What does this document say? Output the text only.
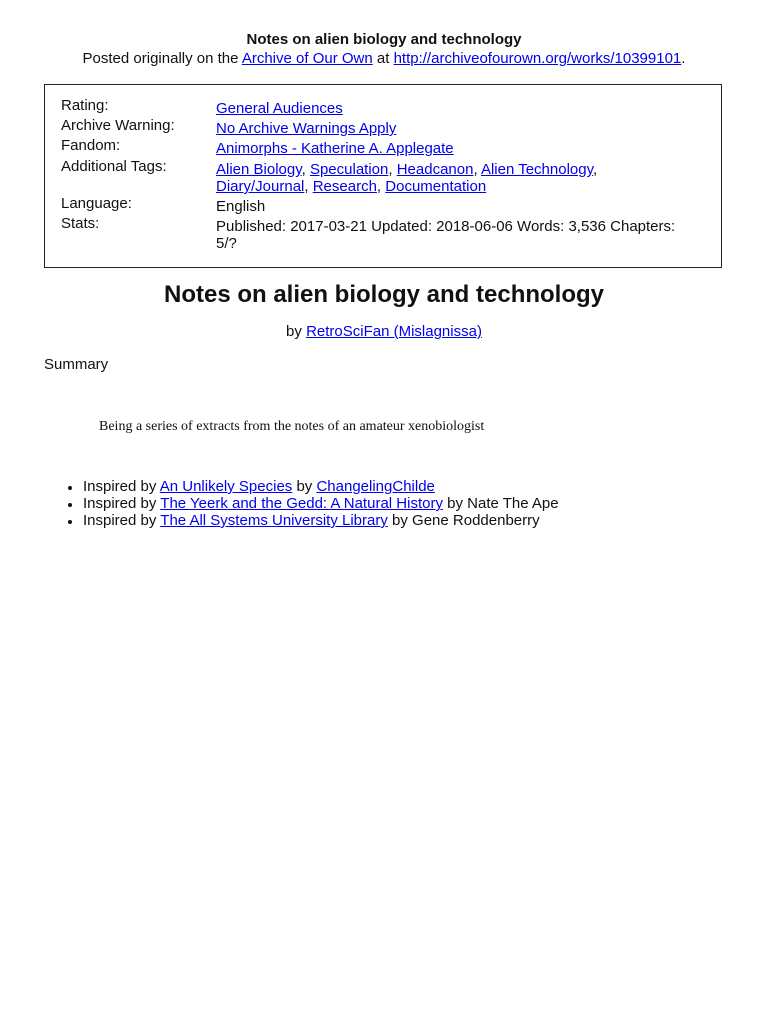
Notes on alien biology and technology
Posted originally on the Archive of Our Own at http://archiveofourown.org/works/10399101.
Rating:	General Audiences
Archive Warning:	No Archive Warnings Apply
Fandom:	Animorphs - Katherine A. Applegate
Additional Tags:	Alien Biology, Speculation, Headcanon, Alien Technology,
Diary/Journal, Research, Documentation
Language:	English
Stats:	Published: 2017-03-21 Updated: 2018-06-06 Words: 3,536 Chapters:
5/?
Notes on alien biology and technology
by RetroSciFan (Mislagnissa)
Summary
Being a series of extracts from the notes of an amateur xenobiologist
Inspired by An Unlikely Species by ChangelingChilde
Inspired by The Yeerk and the Gedd: A Natural History by Nate The Ape
Inspired by The All Systems University Library by Gene Roddenberry
